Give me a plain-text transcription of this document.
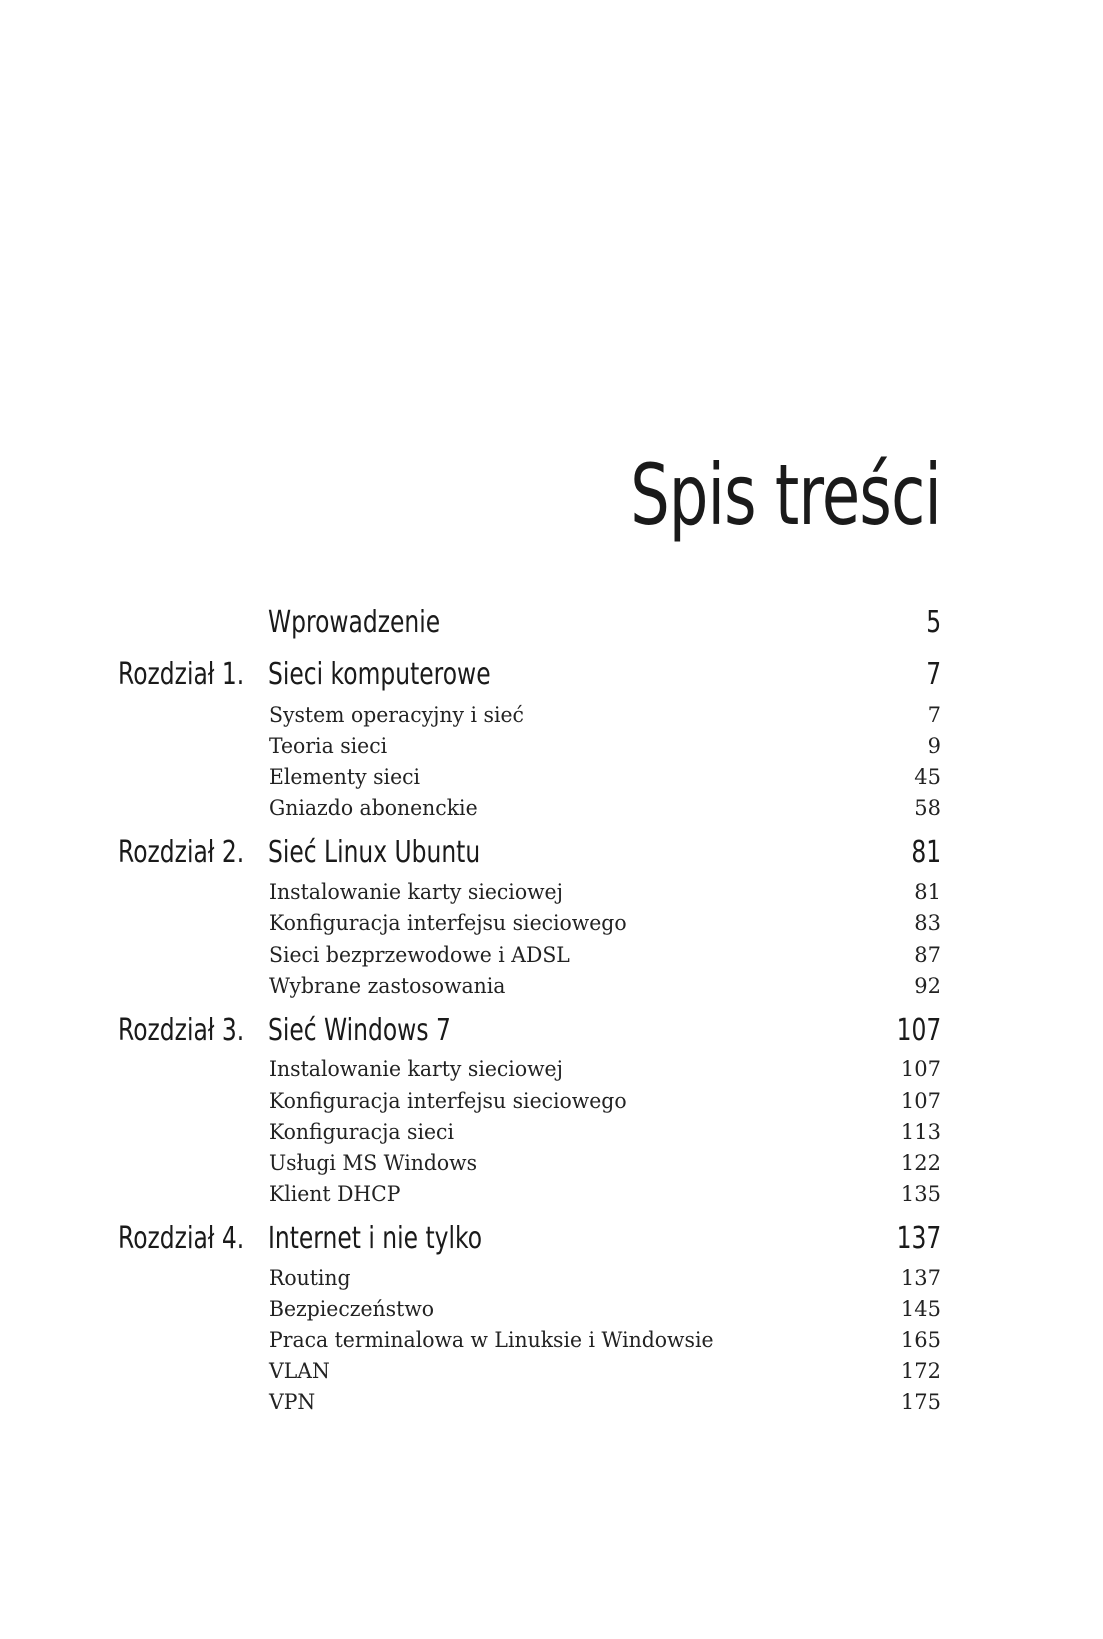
Spis treści
Wprowadzenie	5
Rozdział 1. Sieci komputerowe	7
System operacyjny i sieć	7
Teoria sieci	9
Elementy sieci	45
Gniazdo abonenckie	58
Rozdział 2. Sieć Linux Ubuntu	81
Instalowanie karty sieciowej	81
Konfiguracja interfejsu sieciowego	83
Sieci bezprzewodowe i ADSL	87
Wybrane zastosowania	92
Rozdział 3. Sieć Windows 7	107
Instalowanie karty sieciowej	107
Konfiguracja interfejsu sieciowego	107
Konfiguracja sieci	113
Usługi MS Windows	122
Klient DHCP	135
Rozdział 4. Internet i nie tylko	137
Routing	137
Bezpieczeństwo	145
Praca terminalowa w Linuksie i Windowsie	165
VLAN	172
VPN	175
